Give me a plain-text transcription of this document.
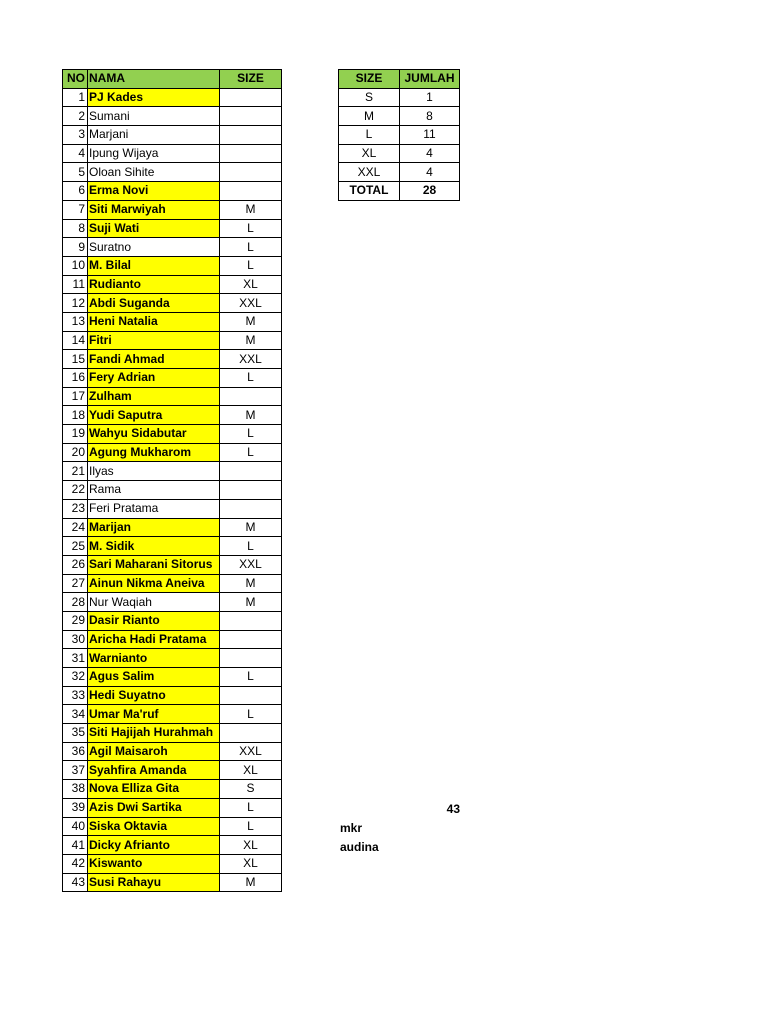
NO	NAMA	SIZE
1	PJ Kades	
2	Sumani	
3	Marjani	
4	Ipung Wijaya	
5	Oloan Sihite	
6	Erma Novi	
7	Siti Marwiyah	M
8	Suji Wati	L
9	Suratno	L
10	M. Bilal	L
11	Rudianto	XL
12	Abdi Suganda	XXL
13	Heni Natalia	M
14	Fitri	M
15	Fandi Ahmad	XXL
16	Fery Adrian	L
17	Zulham	
18	Yudi Saputra	M
19	Wahyu Sidabutar	L
20	Agung Mukharom	L
21	Ilyas	
22	Rama	
23	Feri Pratama	
24	Marijan	M
25	M. Sidik	L
26	Sari Maharani Sitorus	XXL
27	Ainun Nikma Aneiva	M
28	Nur Waqiah	M
29	Dasir Rianto	
30	Aricha Hadi Pratama	
31	Warnianto	
32	Agus Salim	L
33	Hedi Suyatno	
34	Umar Ma'ruf	L
35	Siti Hajijah Hurahmah	
36	Agil Maisaroh	XXL
37	Syahfira Amanda	XL
38	Nova Elliza Gita	S
39	Azis Dwi Sartika	L
40	Siska Oktavia	L
41	Dicky Afrianto	XL
42	Kiswanto	XL
43	Susi Rahayu	M
SIZE	JUMLAH
S	1
M	8
L	11
XL	4
XXL	4
TOTAL	28
43
mkr
audina
